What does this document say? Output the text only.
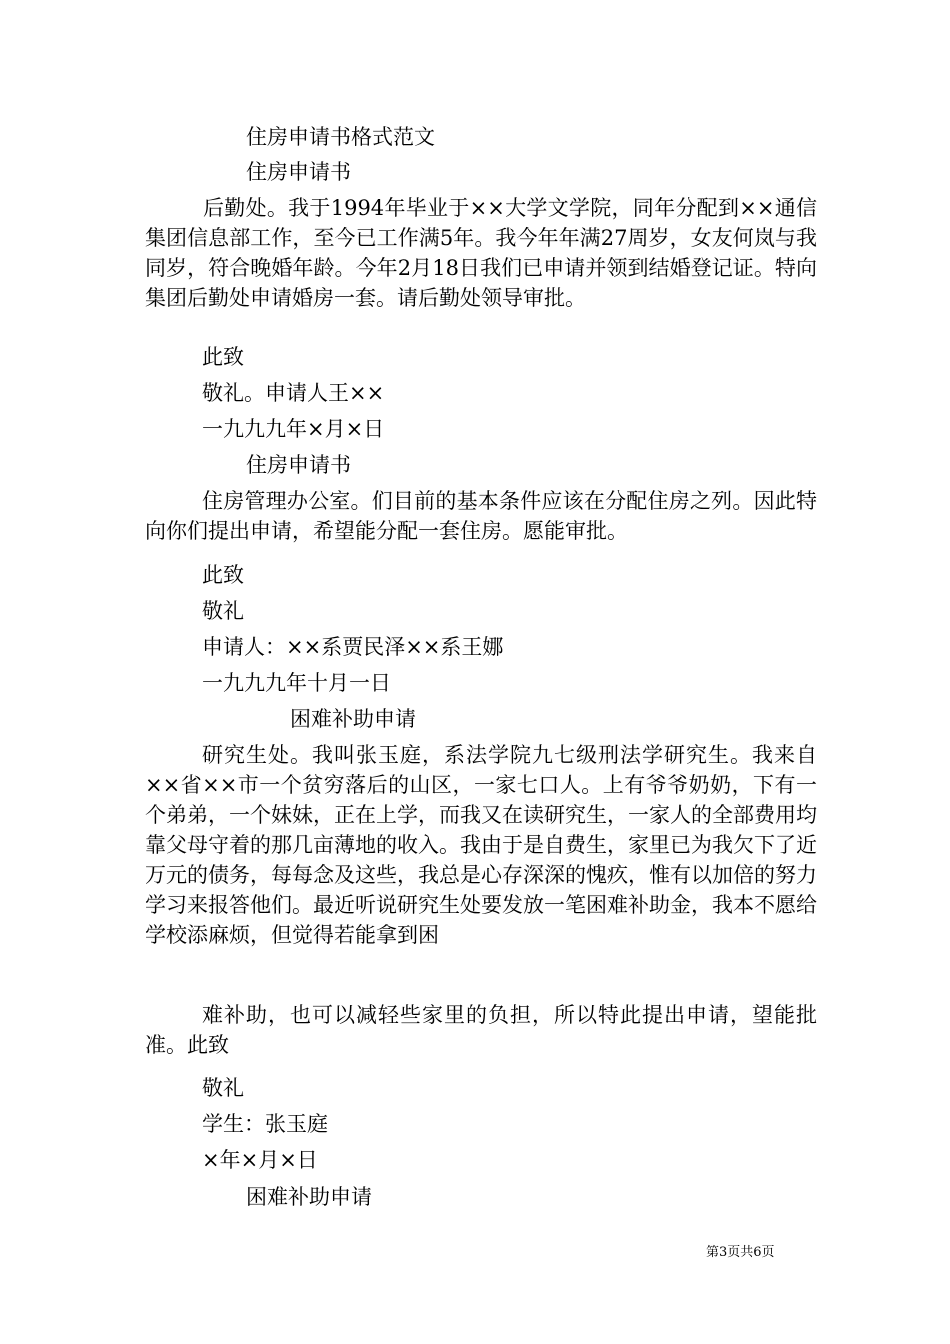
住房申请书格式范文

住房申请书

后勤处。我于1994年毕业于××大学文学院，同年分配到××通信集团信息部工作，至今已工作满5年。我今年年满27周岁，女友何岚与我同岁，符合晚婚年龄。今年2月18日我们已申请并领到结婚登记证。特向集团后勤处申请婚房一套。请后勤处领导审批。

此致

敬礼。申请人王××

一九九九年×月×日

住房申请书

住房管理办公室。们目前的基本条件应该在分配住房之列。因此特向你们提出申请，希望能分配一套住房。愿能审批。

此致

敬礼

申请人：××系贾民泽××系王娜

一九九九年十月一日

困难补助申请

研究生处。我叫张玉庭，系法学院九七级刑法学研究生。我来自××省××市一个贫穷落后的山区，一家七口人。上有爷爷奶奶，下有一个弟弟，一个妹妹，正在上学，而我又在读研究生，一家人的全部费用均靠父母守着的那几亩薄地的收入。我由于是自费生，家里已为我欠下了近万元的债务，每每念及这些，我总是心存深深的愧疚，惟有以加倍的努力学习来报答他们。最近听说研究生处要发放一笔困难补助金，我本不愿给学校添麻烦，但觉得若能拿到困

难补助，也可以减轻些家里的负担，所以特此提出申请，望能批准。此致

敬礼

学生：张玉庭

×年×月×日

困难补助申请

第3页共6页
